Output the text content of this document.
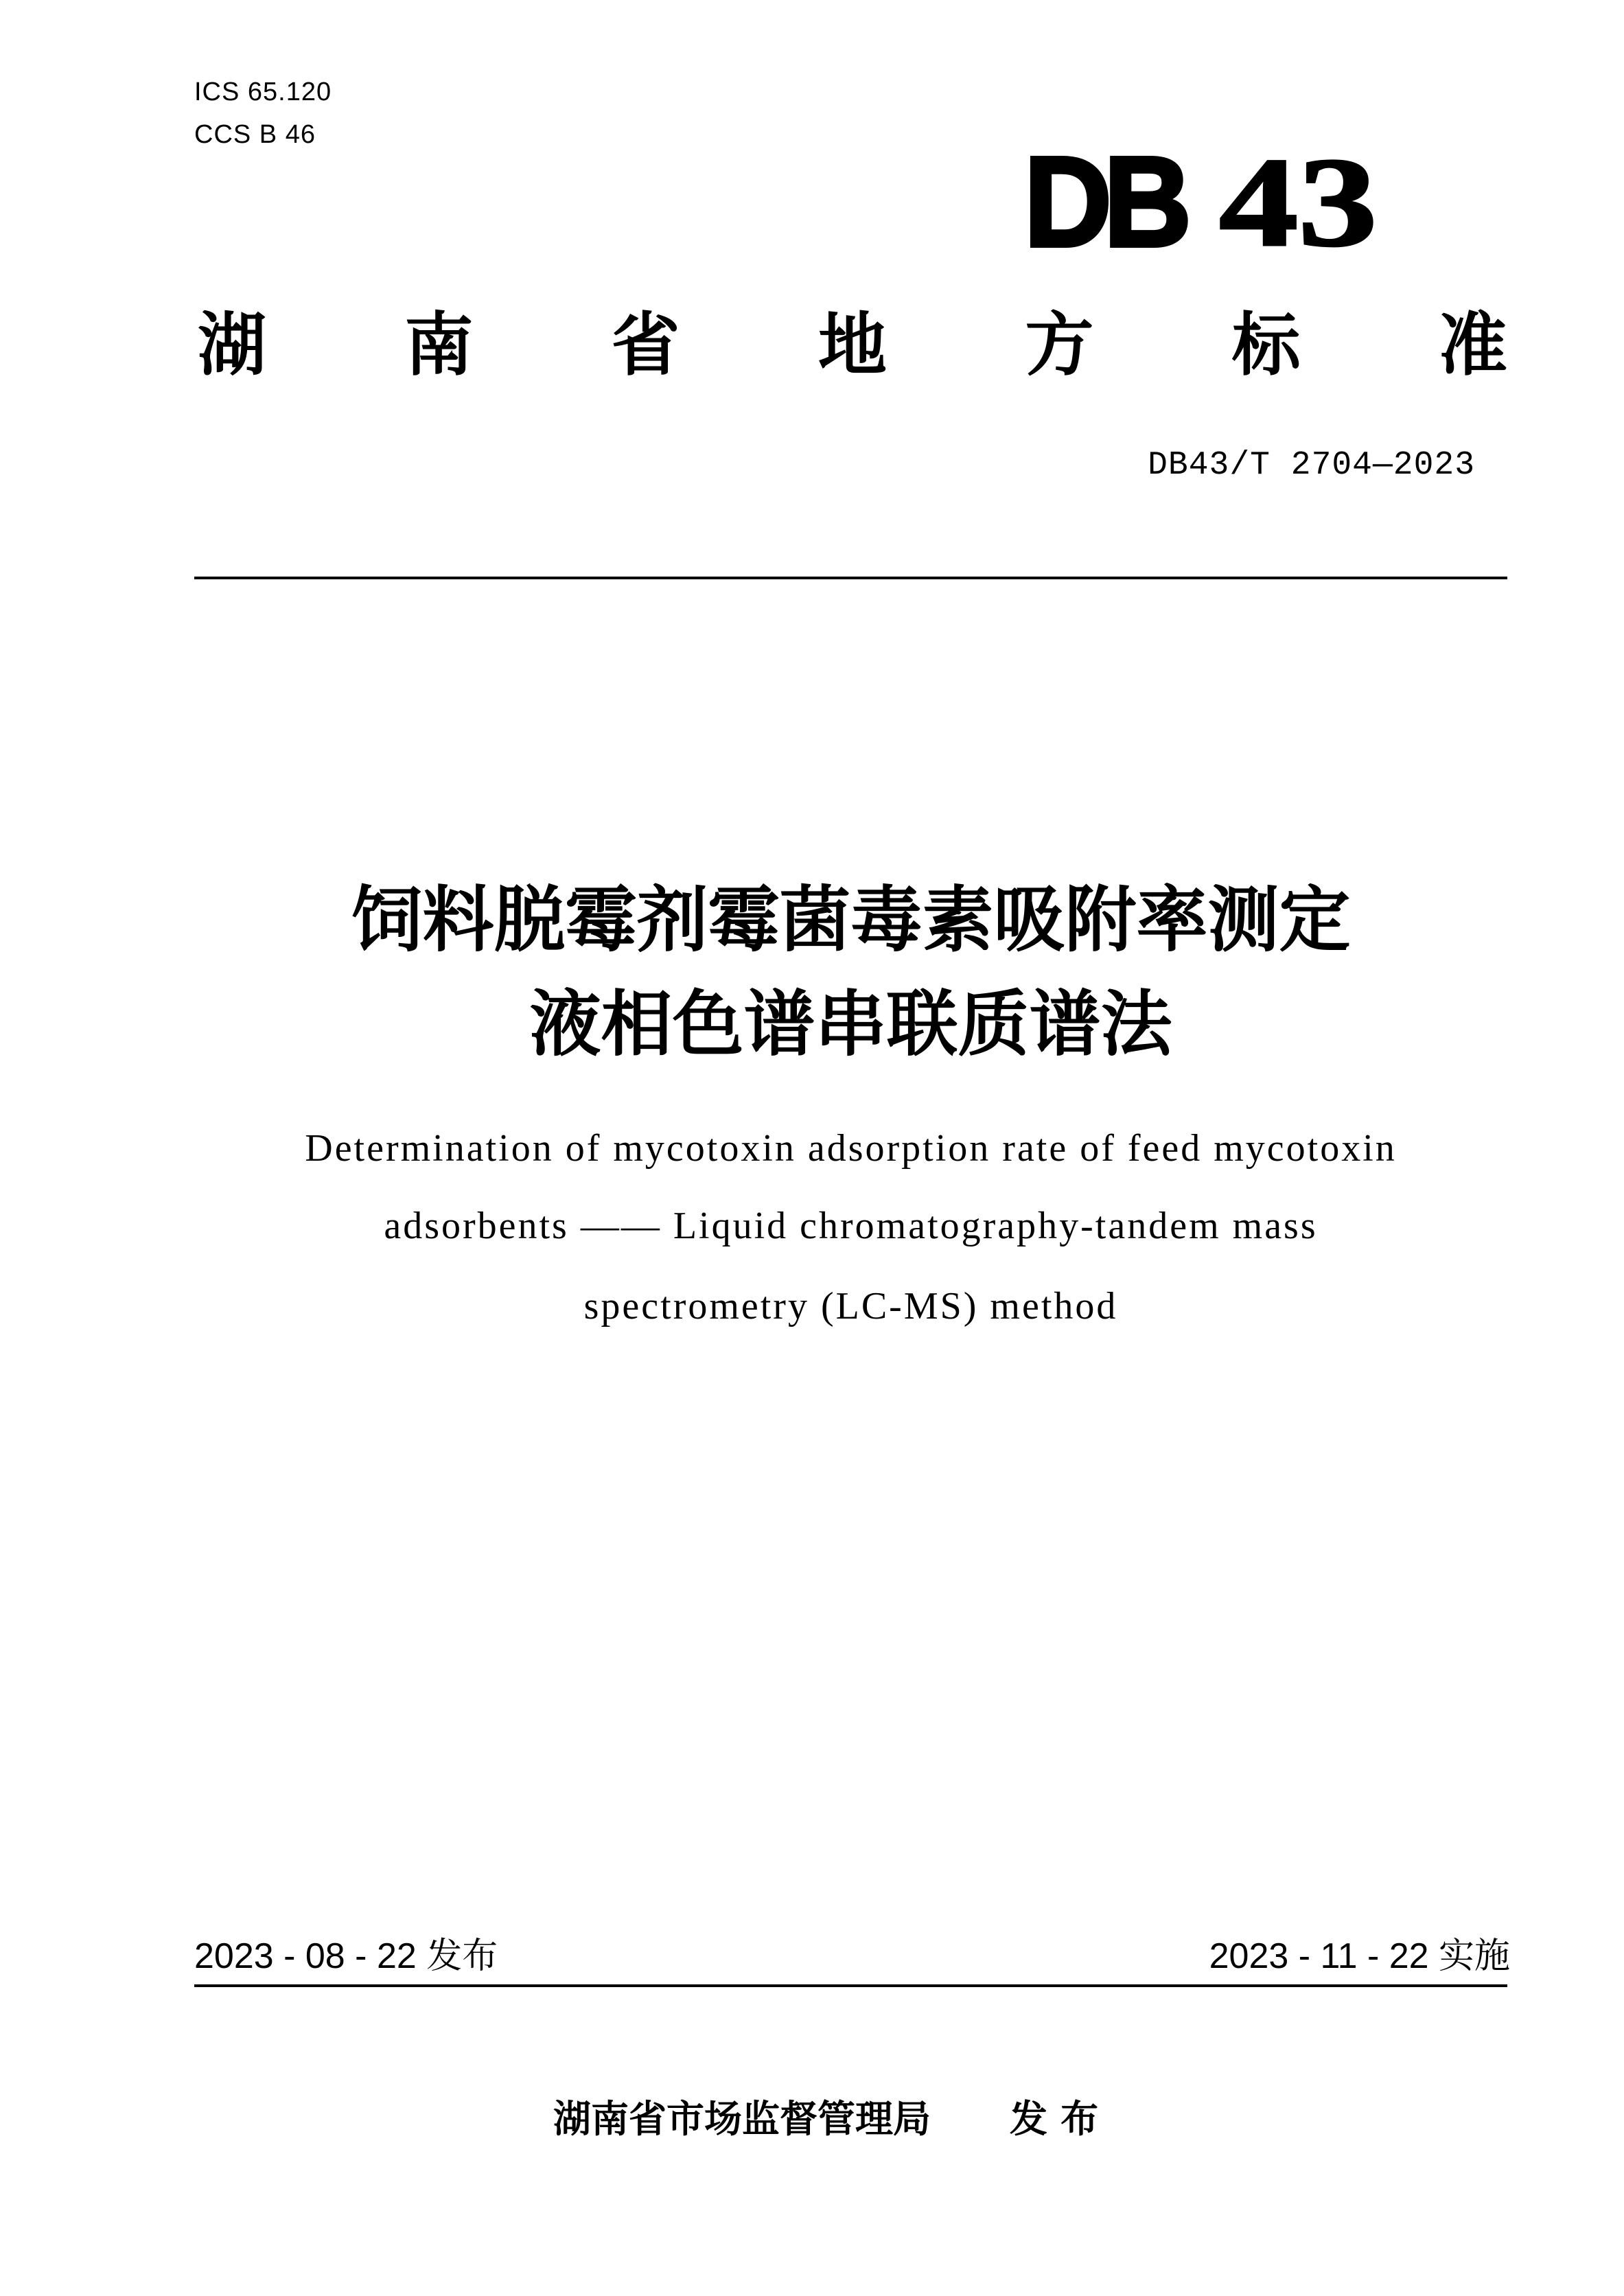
ICS 65.120
CCS B 46	DB 43
湖 南 省 地 方 标 准
DB43/T 2704—2023
饲料脱霉剂霉菌毒素吸附率测定
液相色谱串联质谱法
Determination of mycotoxin adsorption rate of feed mycotoxin
adsorbents —— Liquid chromatography-tandem mass
spectrometry (LC-MS) method
2023 - 08 - 22 发布	2023 - 11 - 22 实施
湖南省市场监督管理局 发 布
